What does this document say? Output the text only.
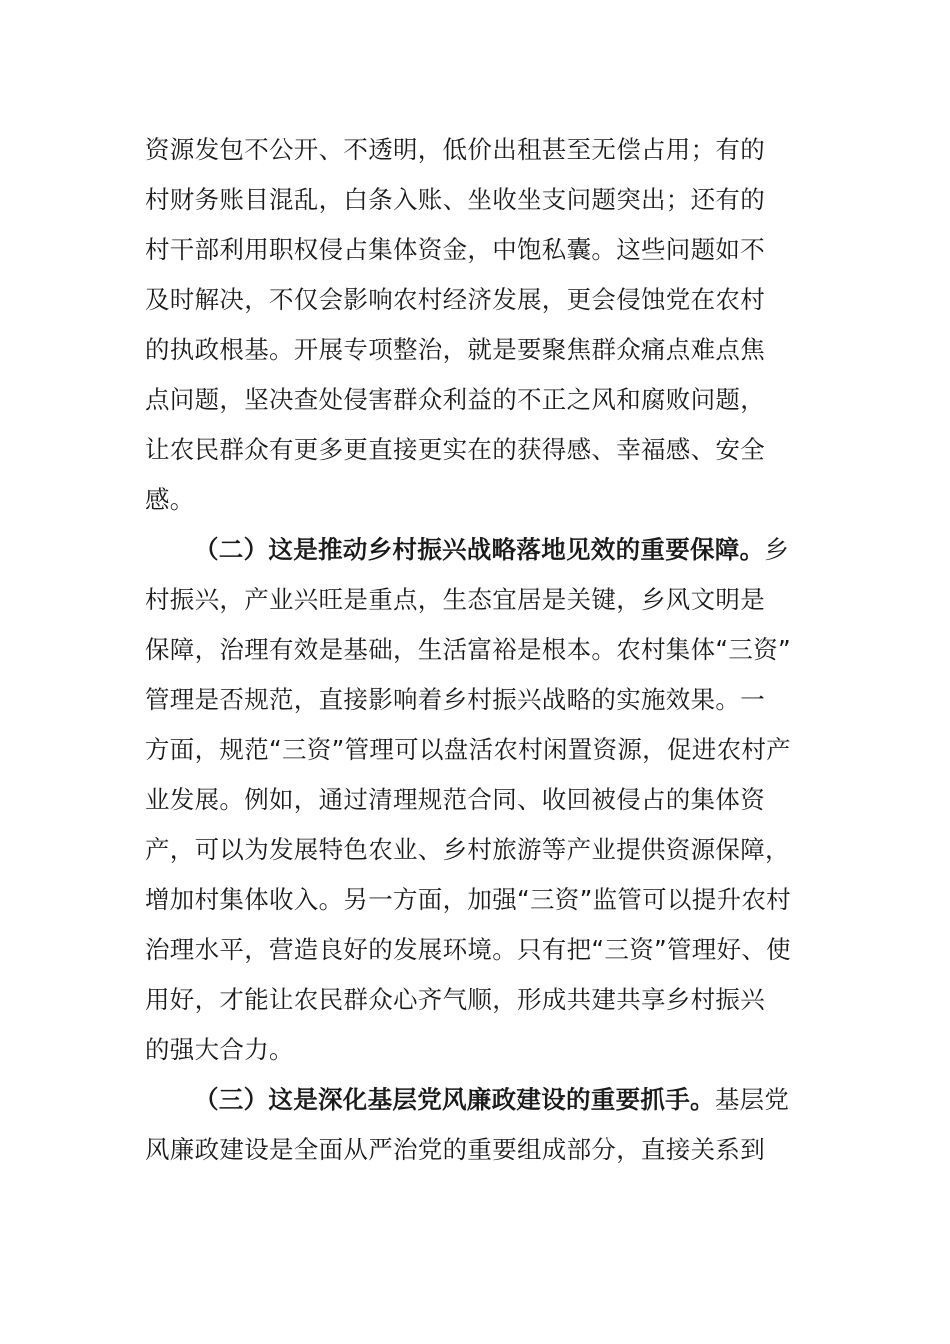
资源发包不公开、不透明，低价出租甚至无偿占用；有的
村财务账目混乱，白条入账、坐收坐支问题突出；还有的
村干部利用职权侵占集体资金，中饱私囊。这些问题如不
及时解决，不仅会影响农村经济发展，更会侵蚀党在农村
的执政根基。开展专项整治，就是要聚焦群众痛点难点焦
点问题，坚决查处侵害群众利益的不正之风和腐败问题，
让农民群众有更多更直接更实在的获得感、幸福感、安全
感。
（二）这是推动乡村振兴战略落地见效的重要保障。乡
村振兴，产业兴旺是重点，生态宜居是关键，乡风文明是
保障，治理有效是基础，生活富裕是根本。农村集体“三资”
管理是否规范，直接影响着乡村振兴战略的实施效果。一
方面，规范“三资”管理可以盘活农村闲置资源，促进农村产
业发展。例如，通过清理规范合同、收回被侵占的集体资
产，可以为发展特色农业、乡村旅游等产业提供资源保障，
增加村集体收入。另一方面，加强“三资”监管可以提升农村
治理水平，营造良好的发展环境。只有把“三资”管理好、使
用好，才能让农民群众心齐气顺，形成共建共享乡村振兴
的强大合力。
（三）这是深化基层党风廉政建设的重要抓手。基层党
风廉政建设是全面从严治党的重要组成部分，直接关系到
